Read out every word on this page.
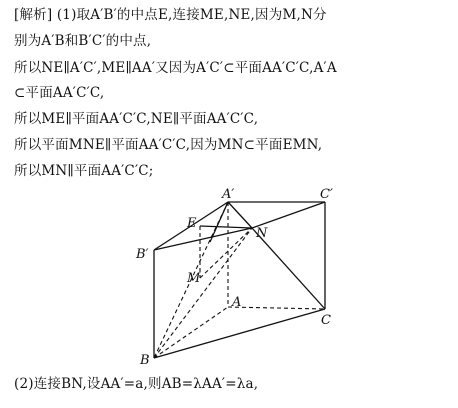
[解析] (1)取A′B′的中点E,连接ME,NE,因为M,N分
别为A′B和B′C′的中点,
所以NE∥A′C′,ME∥AA′又因为A′C′⊂平面AA′C′C,A′A
⊂平面AA′C′C,
所以ME∥平面AA′C′C,NE∥平面AA′C′C,
所以平面MNE∥平面AA′C′C,因为MN⊂平面EMN,
所以MN∥平面AA′C′C;
A′	C′
E
N
B′
M
A
C
B
(2)连接BN,设AA′=a,则AB=λAA′=λa,
